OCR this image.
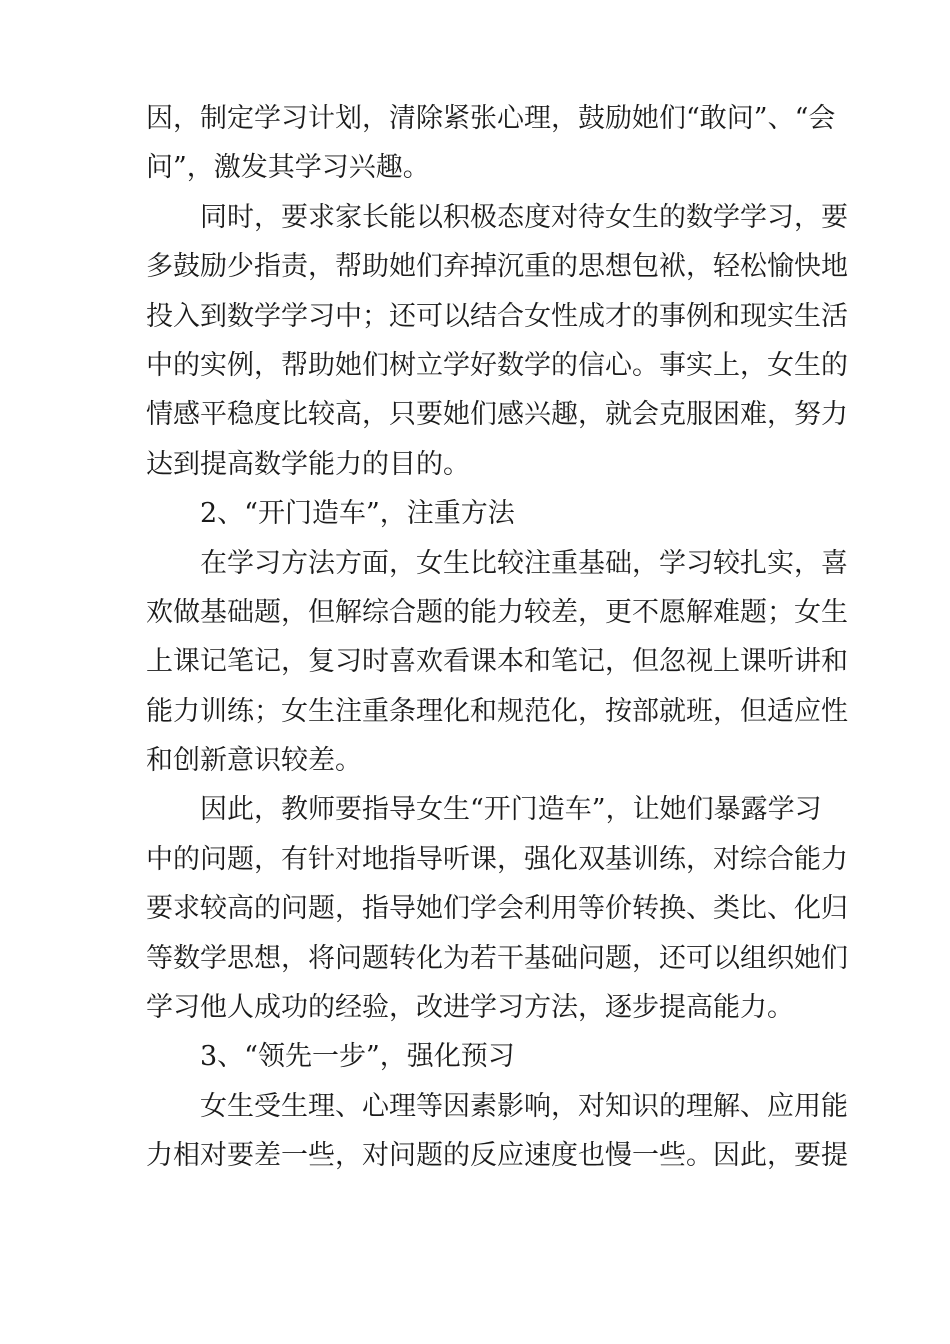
因，制定学习计划，清除紧张心理，鼓励她们“敢问”、“会
问”，激发其学习兴趣。
同时，要求家长能以积极态度对待女生的数学学习，要
多鼓励少指责，帮助她们弃掉沉重的思想包袱，轻松愉快地
投入到数学学习中；还可以结合女性成才的事例和现实生活
中的实例，帮助她们树立学好数学的信心。事实上，女生的
情感平稳度比较高，只要她们感兴趣，就会克服困难，努力
达到提高数学能力的目的。
2、“开门造车”，注重方法
在学习方法方面，女生比较注重基础，学习较扎实，喜
欢做基础题，但解综合题的能力较差，更不愿解难题；女生
上课记笔记，复习时喜欢看课本和笔记，但忽视上课听讲和
能力训练；女生注重条理化和规范化，按部就班，但适应性
和创新意识较差。
因此，教师要指导女生“开门造车”，让她们暴露学习
中的问题，有针对地指导听课，强化双基训练，对综合能力
要求较高的问题，指导她们学会利用等价转换、类比、化归
等数学思想，将问题转化为若干基础问题，还可以组织她们
学习他人成功的经验，改进学习方法，逐步提高能力。
3、“领先一步”，强化预习
女生受生理、心理等因素影响，对知识的理解、应用能
力相对要差一些，对问题的反应速度也慢一些。因此，要提
